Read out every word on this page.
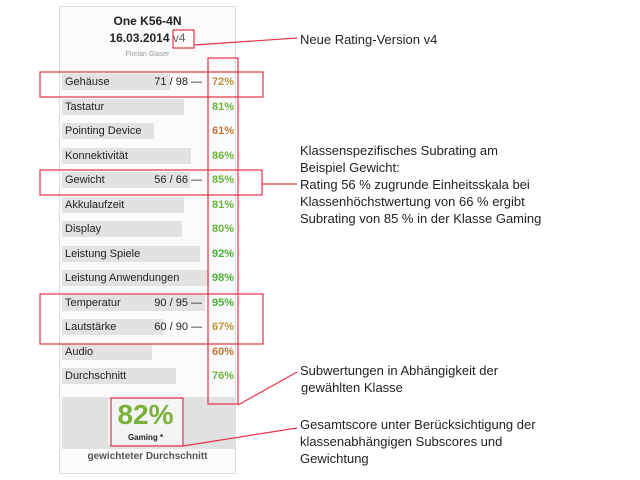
One K56-4N
16.03.2014 v4
Florian Glaser
Gehäuse	71 / 98 — 72%
Tastatur	81%
Pointing Device	61%
Konnektivität	86%
Gewicht	56 / 66 — 85%
Akkulaufzeit	81%
Display	80%
Leistung Spiele	92%
Leistung Anwendungen	98%
Temperatur	90 / 95 — 95%
Lautstärke	60 / 90 — 67%
Audio	60%
Durchschnitt	76%
82%
Gaming *
gewichteter Durchschnitt
Neue Rating-Version v4
Klassenspezifisches Subrating am
Beispiel Gewicht:
Rating 56 % zugrunde Einheitsskala bei
Klassenhöchstwertung von 66 % ergibt
Subrating von 85 % in der Klasse Gaming
Subwertungen in Abhängigkeit der
gewählten Klasse
Gesamtscore unter Berücksichtigung der
klassenabhängigen Subscores und
Gewichtung
